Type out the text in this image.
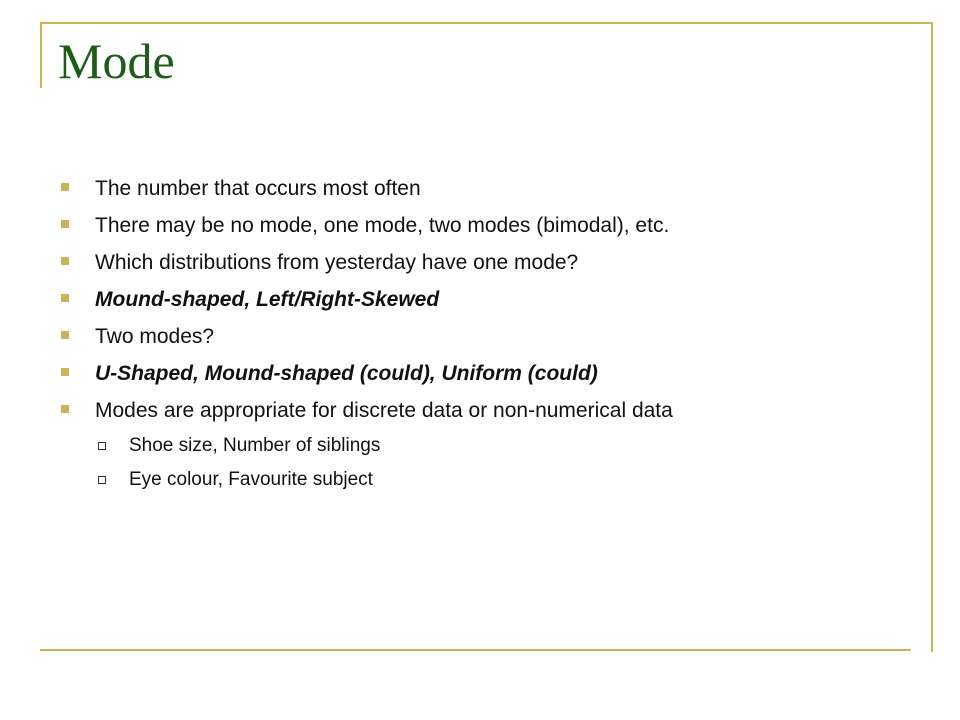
Mode
The number that occurs most often
There may be no mode, one mode, two modes (bimodal), etc.
Which distributions from yesterday have one mode?
Mound-shaped, Left/Right-Skewed
Two modes?
U-Shaped, Mound-shaped (could), Uniform (could)
Modes are appropriate for discrete data or non-numerical data
Shoe size, Number of siblings
Eye colour, Favourite subject
